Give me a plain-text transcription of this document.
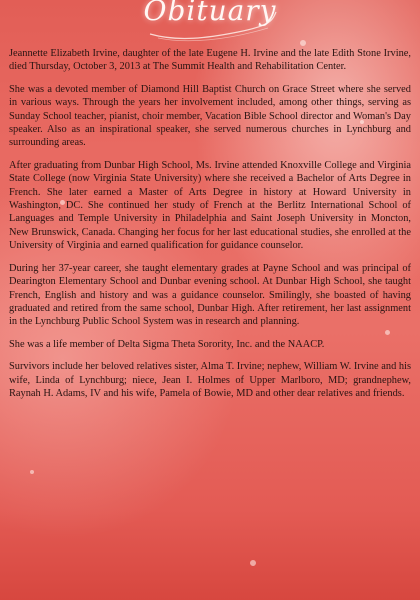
Obituary

Jeannette Elizabeth Irvine, daughter of the late Eugene H. Irvine and the late Edith Stone Irvine, died Thursday, October 3, 2013 at The Summit Health and Rehabilitation Center.

She was a devoted member of Diamond Hill Baptist Church on Grace Street where she served in various ways. Through the years her involvement included, among other things, serving as Sunday School teacher, pianist, choir member, Vacation Bible School director and Woman's Day speaker. Also as an inspirational speaker, she served numerous churches in Lynchburg and surrounding areas.

After graduating from Dunbar High School, Ms. Irvine attended Knoxville College and Virginia State College (now Virginia State University) where she received a Bachelor of Arts Degree in French. She later earned a Master of Arts Degree in history at Howard University in Washington, DC. She continued her study of French at the Berlitz International School of Languages and Temple University in Philadelphia and Saint Joseph University in Moncton, New Brunswick, Canada. Changing her focus for her last educational studies, she enrolled at the University of Virginia and earned qualification for guidance counselor.

During her 37-year career, she taught elementary grades at Payne School and was principal of Dearington Elementary School and Dunbar evening school. At Dunbar High School, she taught French, English and history and was a guidance counselor. Smilingly, she boasted of having graduated and retired from the same school, Dunbar High. After retirement, her last assignment in the Lynchburg Public School System was in research and planning.

She was a life member of Delta Sigma Theta Sorority, Inc. and the NAACP.

Survivors include her beloved relatives sister, Alma T. Irvine; nephew, William W. Irvine and his wife, Linda of Lynchburg; niece, Jean I. Holmes of Upper Marlboro, MD; grandnephew, Raynah H. Adams, IV and his wife, Pamela of Bowie, MD and other dear relatives and friends.
